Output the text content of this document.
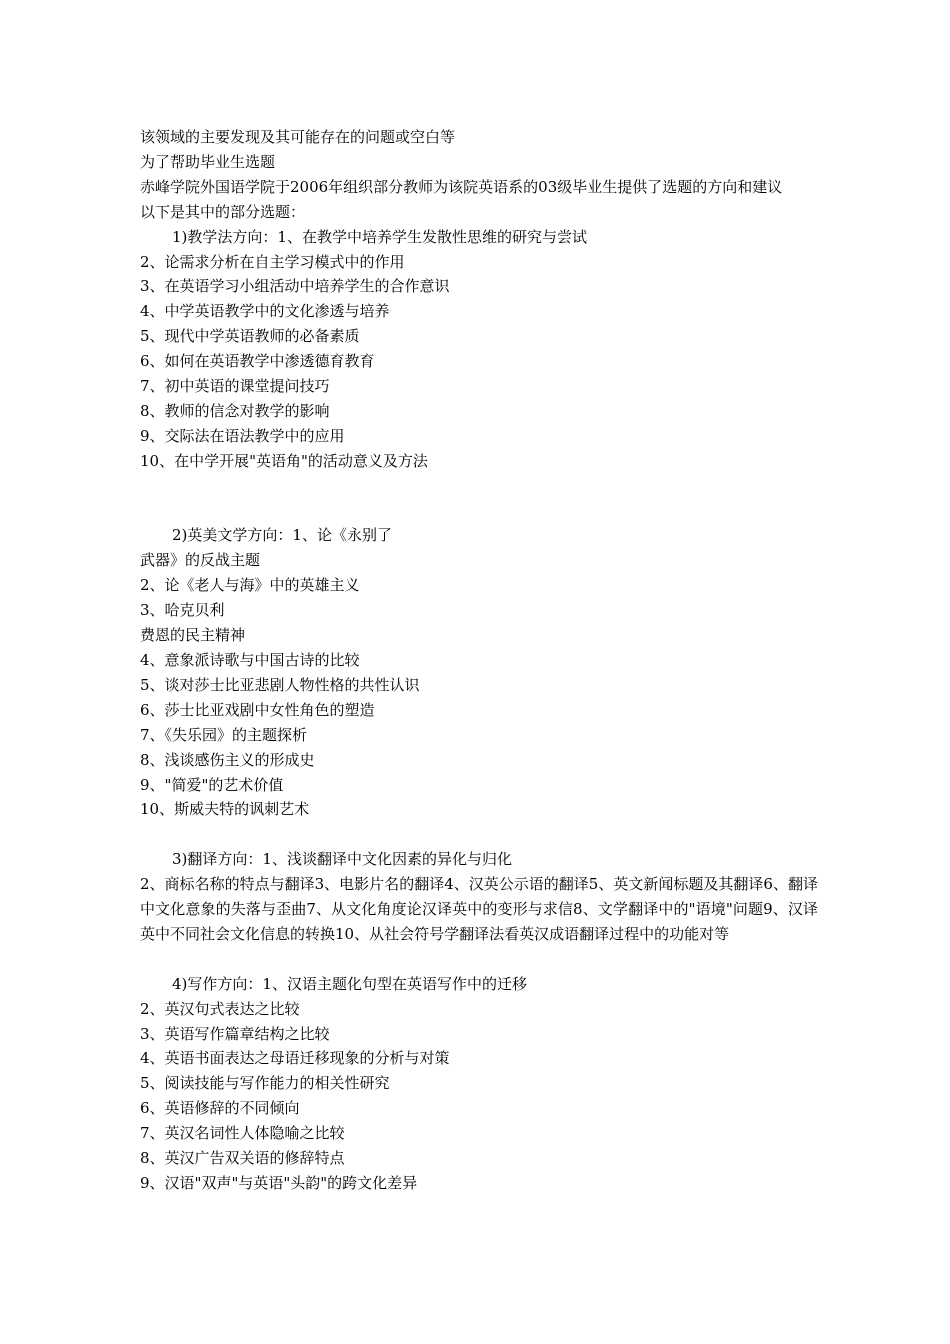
该领域的主要发现及其可能存在的问题或空白等
为了帮助毕业生选题
赤峰学院外国语学院于2006年组织部分教师为该院英语系的03级毕业生提供了选题的方向和建议
以下是其中的部分选题：
1)教学法方向：1、在教学中培养学生发散性思维的研究与尝试
2、论需求分析在自主学习模式中的作用
3、在英语学习小组活动中培养学生的合作意识
4、中学英语教学中的文化渗透与培养
5、现代中学英语教师的必备素质
6、如何在英语教学中渗透德育教育
7、初中英语的课堂提问技巧
8、教师的信念对教学的影响
9、交际法在语法教学中的应用
10、在中学开展"英语角"的活动意义及方法
2)英美文学方向：1、论《永别了
武器》的反战主题
2、论《老人与海》中的英雄主义
3、哈克贝利
费恩的民主精神
4、意象派诗歌与中国古诗的比较
5、谈对莎士比亚悲剧人物性格的共性认识
6、莎士比亚戏剧中女性角色的塑造
7、《失乐园》的主题探析
8、浅谈感伤主义的形成史
9、"简爱"的艺术价值
10、斯威夫特的讽刺艺术
3)翻译方向：1、浅谈翻译中文化因素的异化与归化
2、商标名称的特点与翻译3、电影片名的翻译4、汉英公示语的翻译5、英文新闻标题及其翻译6、翻译中文化意象的失落与歪曲7、从文化角度论汉译英中的变形与求信8、文学翻译中的"语境"问题9、汉译英中不同社会文化信息的转换10、从社会符号学翻译法看英汉成语翻译过程中的功能对等
4)写作方向：1、汉语主题化句型在英语写作中的迁移
2、英汉句式表达之比较
3、英语写作篇章结构之比较
4、英语书面表达之母语迁移现象的分析与对策
5、阅读技能与写作能力的相关性研究
6、英语修辞的不同倾向
7、英汉名词性人体隐喻之比较
8、英汉广告双关语的修辞特点
9、汉语"双声"与英语"头韵"的跨文化差异
